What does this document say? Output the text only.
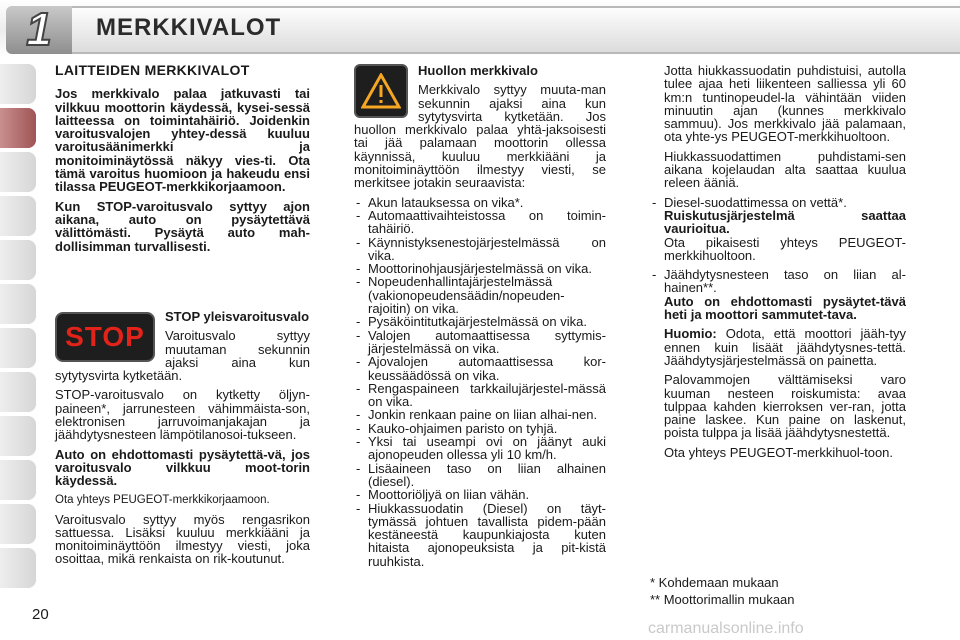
1	MERKKIVALOT
LAITTEIDEN MERKKIVALOT

Jos merkkivalo palaa jatkuvasti tai vilkkuu moottorin käydessä, kysei-sessä laitteessa on toimintahäiriö. Joidenkin varoitusvalojen yhtey-dessä kuuluu varoitusäänimerkki ja monitoiminäytössä näkyy vies-ti. Ota tämä varoitus huomioon ja hakeudu ensi tilassa PEUGEOT-merkkikorjaamoon.

Kun STOP-varoitusvalo syttyy ajon aikana, auto on pysäytettävä välittömästi. Pysäytä auto mah-dollisimman turvallisesti.

STOP

STOP yleisvaroitusvalo

Varoitusvalo syttyy muutaman sekunnin ajaksi aina kun sytytysvirta kytketään.

STOP-varoitusvalo on kytketty öljyn-paineen*, jarrunesteen vähimmäista-son, elektronisen jarruvoimanjakajan ja jäähdytysnesteen lämpötilanosoi-tukseen.

Auto on ehdottomasti pysäytettä-vä, jos varoitusvalo vilkkuu moot-torin käydessä.

Ota yhteys PEUGEOT-merkkikorjaamoon.

Varoitusvalo syttyy myös rengasrikon sattuessa. Lisäksi kuuluu merkkiääni ja monitoiminäyttöön ilmestyy viesti, joka osoittaa, mikä renkaista on rik-koutunut.

Huollon merkkivalo

Merkkivalo syttyy muuta-man sekunnin ajaksi aina kun sytytysvirta kytketään. Jos huollon merkkivalo palaa yhtä-jaksoisesti tai jää palamaan moottorin ollessa käynnissä, kuuluu merkkiääni ja monitoiminäyttöön ilmestyy viesti, se merkitsee jotakin seuraavista:

- Akun latauksessa on vika*.
- Automaattivaihteistossa on toimin-tahäiriö.
- Käynnistyksenestojärjestelmässä on vika.
- Moottorinohjausjärjestelmässä on vika.
- Nopeudenhallintajärjestelmässä (vakionopeudensäädin/nopeuden-rajoitin) on vika.
- Pysäköintitutkajärjestelmässä on vika.
- Valojen automaattisessa syttymis-järjestelmässä on vika.
- Ajovalojen automaattisessa kor-keussäädössä on vika.
- Rengaspaineen tarkkailujärjestel-mässä on vika.
- Jonkin renkaan paine on liian alhai-nen.
- Kauko-ohjaimen paristo on tyhjä.
- Yksi tai useampi ovi on jäänyt auki ajonopeuden ollessa yli 10 km/h.
- Lisäaineen taso on liian alhainen (diesel).
- Moottoriöljyä on liian vähän.
- Hiukkassuodatin (Diesel) on täyt-tymässä johtuen tavallista pidem-pään kestäneestä kaupunkiajosta kuten hitaista ajonopeuksista ja pit-kistä ruuhkista.

Jotta hiukkassuodatin puhdistuisi, autolla tulee ajaa heti liikenteen salliessa yli 60 km:n tuntinopeudel-la vähintään viiden minuutin ajan (kunnes merkkivalo sammuu). Jos merkkivalo jää palamaan, ota yhte-ys PEUGEOT-merkkihuoltoon.

Hiukkassuodattimen puhdistami-sen aikana kojelaudan alta saattaa kuulua releen ääniä.

- Diesel-suodattimessa on vettä*.
Ruiskutusjärjestelmä saattaa vaurioitua.

Ota pikaisesti yhteys PEUGEOT-merkkihuoltoon.

- Jäähdytysnesteen taso on liian al-hainen**.

Auto on ehdottomasti pysäytet-tävä heti ja moottori sammutet-tava.

Huomio: Odota, että moottori jääh-tyy ennen kuin lisäät jäähdytysnes-tettä. Jäähdytysjärjestelmässä on painetta.

Palovammojen välttämiseksi varo kuuman nesteen roiskumista: avaa tulppaa kahden kierroksen ver-ran, jotta paine laskee. Kun paine on laskenut, poista tulppa ja lisää jäähdytysnestettä.

Ota yhteys PEUGEOT-merkkihuol-toon.

* Kohdemaan mukaan
** Moottorimallin mukaan
20
carmanualsonline.info
